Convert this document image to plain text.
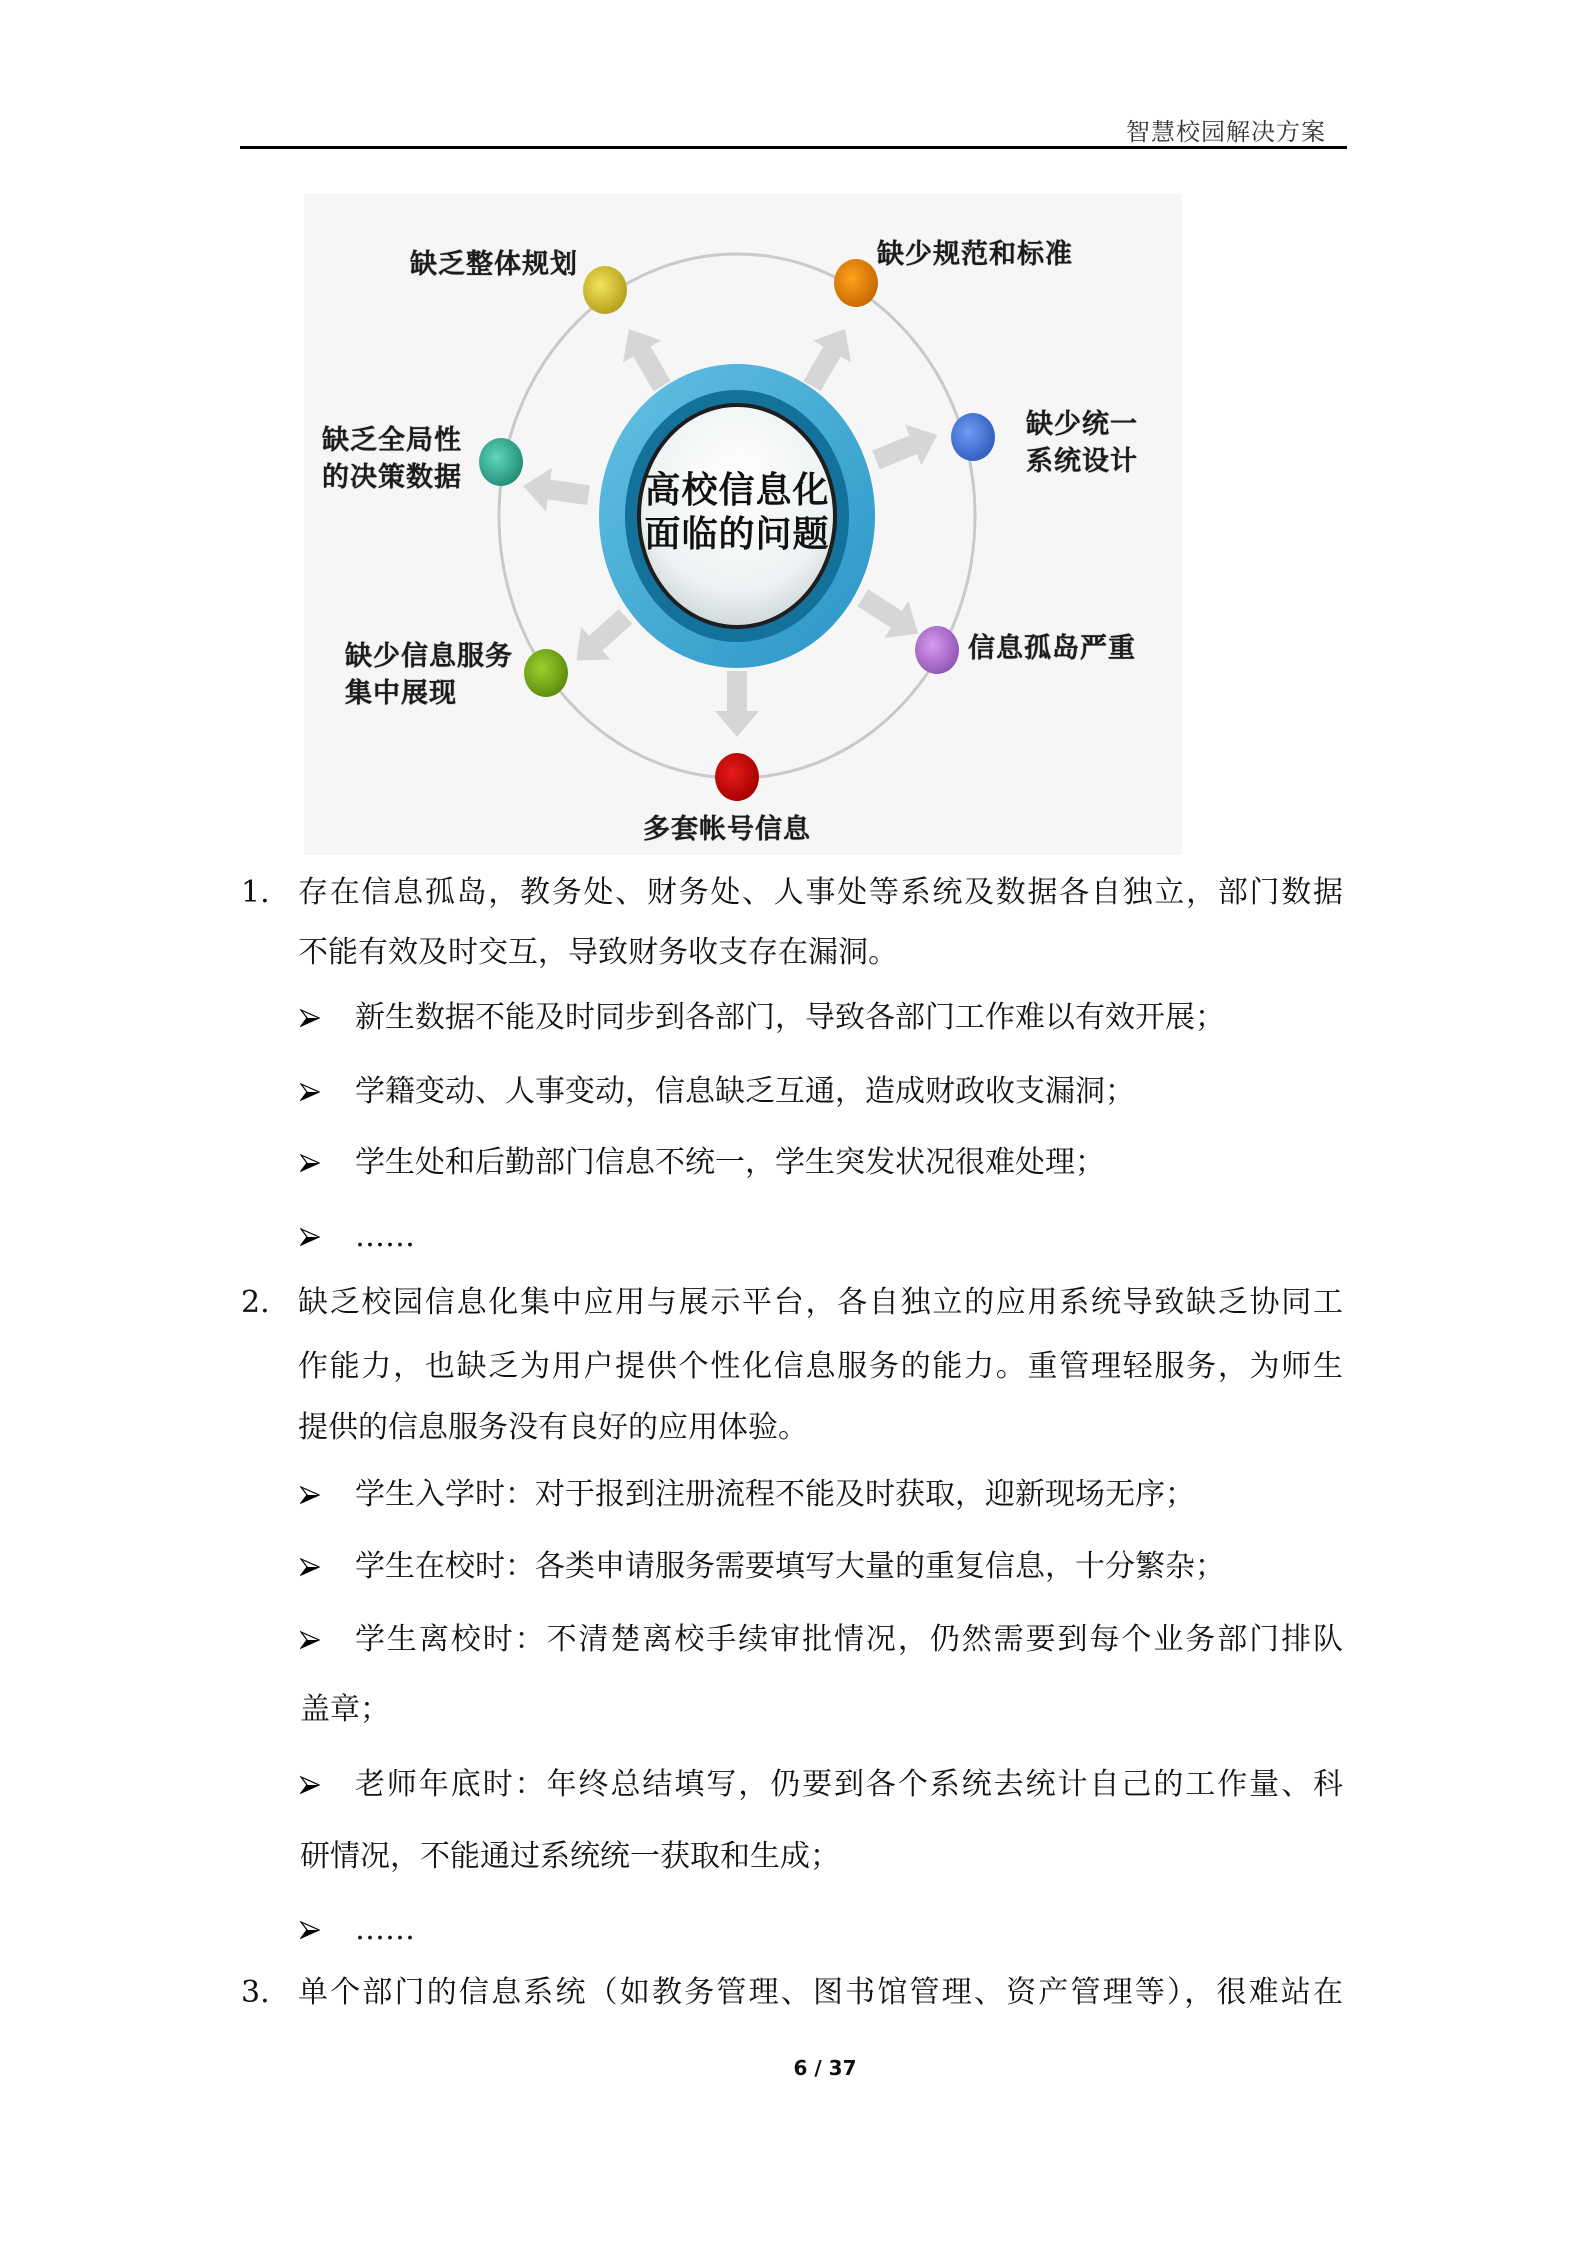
智慧校园解决方案
高校信息化
面临的问题
缺乏整体规划	缺少规范和标准
缺少统一
系统设计
信息孤岛严重
多套帐号信息
缺少信息服务
集中展现
缺乏全局性
的决策数据
1. 存在信息孤岛，教务处、财务处、人事处等系统及数据各自独立，部门数据
不能有效及时交互，导致财务收支存在漏洞。
新生数据不能及时同步到各部门，导致各部门工作难以有效开展；
学籍变动、人事变动，信息缺乏互通，造成财政收支漏洞；
学生处和后勤部门信息不统一，学生突发状况很难处理；
……
2. 缺乏校园信息化集中应用与展示平台，各自独立的应用系统导致缺乏协同工
作能力，也缺乏为用户提供个性化信息服务的能力。重管理轻服务，为师生
提供的信息服务没有良好的应用体验。
学生入学时：对于报到注册流程不能及时获取，迎新现场无序；
学生在校时：各类申请服务需要填写大量的重复信息，十分繁杂；
学生离校时：不清楚离校手续审批情况，仍然需要到每个业务部门排队
盖章；
老师年底时：年终总结填写，仍要到各个系统去统计自己的工作量、科
研情况，不能通过系统统一获取和生成；
……
3. 单个部门的信息系统（如教务管理、图书馆管理、资产管理等），很难站在
6 / 37
